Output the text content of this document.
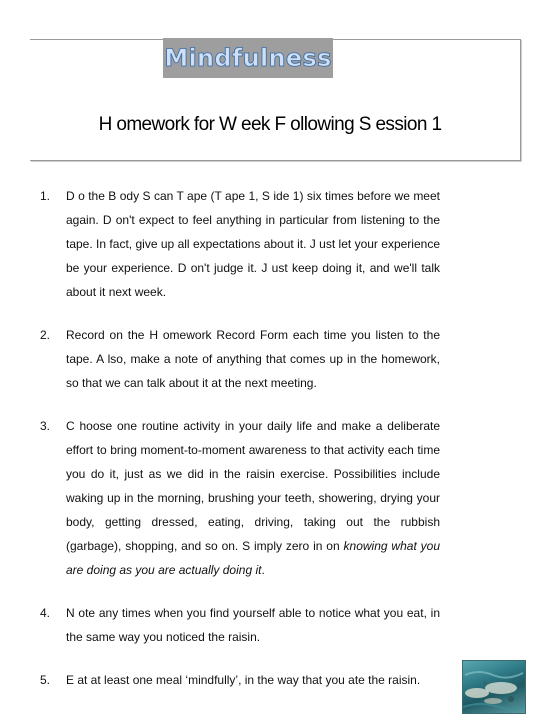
Mindfulness
H omework for W eek F ollowing S ession 1
1.	D o the B ody S can T ape (T ape 1, S ide 1) six times before we meet again. D on't expect to feel anything in particular from listening to the tape. In fact, give up all expectations about it. J ust let your experience be your experience. D on't judge it. J ust keep doing it, and we'll talk about it next week.
2.	Record on the H omework Record Form each time you listen to the tape. A lso, make a note of anything that comes up in the homework, so that we can talk about it at the next meeting.
3.	C hoose one routine activity in your daily life and make a deliberate effort to bring moment-to-moment awareness to that activity each time you do it, just as we did in the raisin exercise. Possibilities include waking up in the morning, brushing your teeth, showering, drying your body, getting dressed, eating, driving, taking out the rubbish (garbage), shopping, and so on. S imply zero in on knowing what you are doing as you are actually doing it.
4.	N ote any times when you find yourself able to notice what you eat, in the same way you noticed the raisin.
5.	E at at least one meal ‘mindfully’, in the way that you ate the raisin.
